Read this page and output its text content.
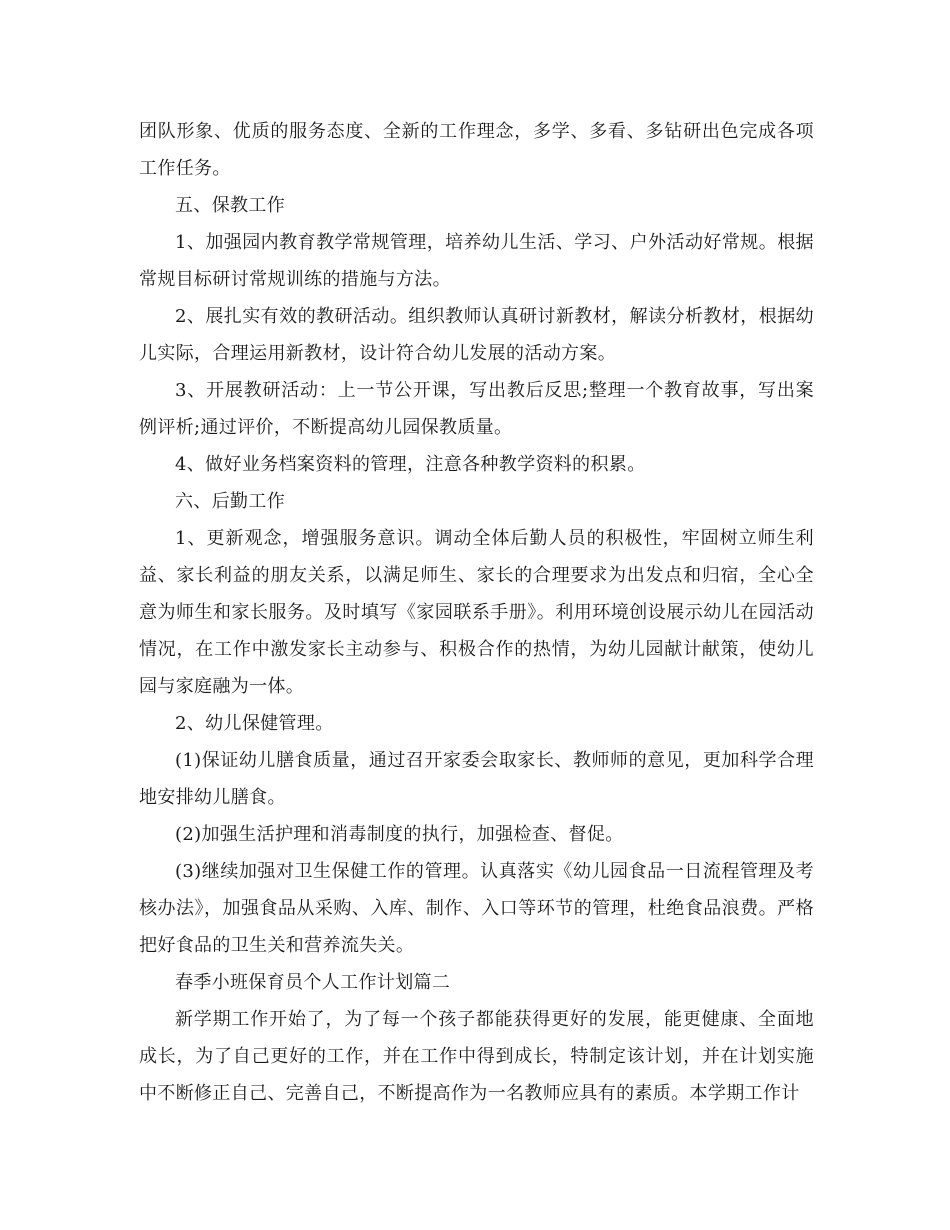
团队形象、优质的服务态度、全新的工作理念，多学、多看、多钻研出色完成各项工作任务。

五、保教工作

1、加强园内教育教学常规管理，培养幼儿生活、学习、户外活动好常规。根据常规目标研讨常规训练的措施与方法。

2、展扎实有效的教研活动。组织教师认真研讨新教材，解读分析教材，根据幼儿实际，合理运用新教材，设计符合幼儿发展的活动方案。

3、开展教研活动：上一节公开课，写出教后反思;整理一个教育故事，写出案例评析;通过评价，不断提高幼儿园保教质量。

4、做好业务档案资料的管理，注意各种教学资料的积累。

六、后勤工作

1、更新观念，增强服务意识。调动全体后勤人员的积极性，牢固树立师生利益、家长利益的朋友关系，以满足师生、家长的合理要求为出发点和归宿，全心全意为师生和家长服务。及时填写《家园联系手册》。利用环境创设展示幼儿在园活动情况，在工作中激发家长主动参与、积极合作的热情，为幼儿园献计献策，使幼儿园与家庭融为一体。

2、幼儿保健管理。

(1)保证幼儿膳食质量，通过召开家委会取家长、教师师的意见，更加科学合理地安排幼儿膳食。

(2)加强生活护理和消毒制度的执行，加强检查、督促。

(3)继续加强对卫生保健工作的管理。认真落实《幼儿园食品一日流程管理及考核办法》，加强食品从采购、入库、制作、入口等环节的管理，杜绝食品浪费。严格把好食品的卫生关和营养流失关。

春季小班保育员个人工作计划篇二

新学期工作开始了，为了每一个孩子都能获得更好的发展，能更健康、全面地成长，为了自己更好的工作，并在工作中得到成长，特制定该计划，并在计划实施中不断修正自己、完善自己，不断提高作为一名教师应具有的素质。本学期工作计
